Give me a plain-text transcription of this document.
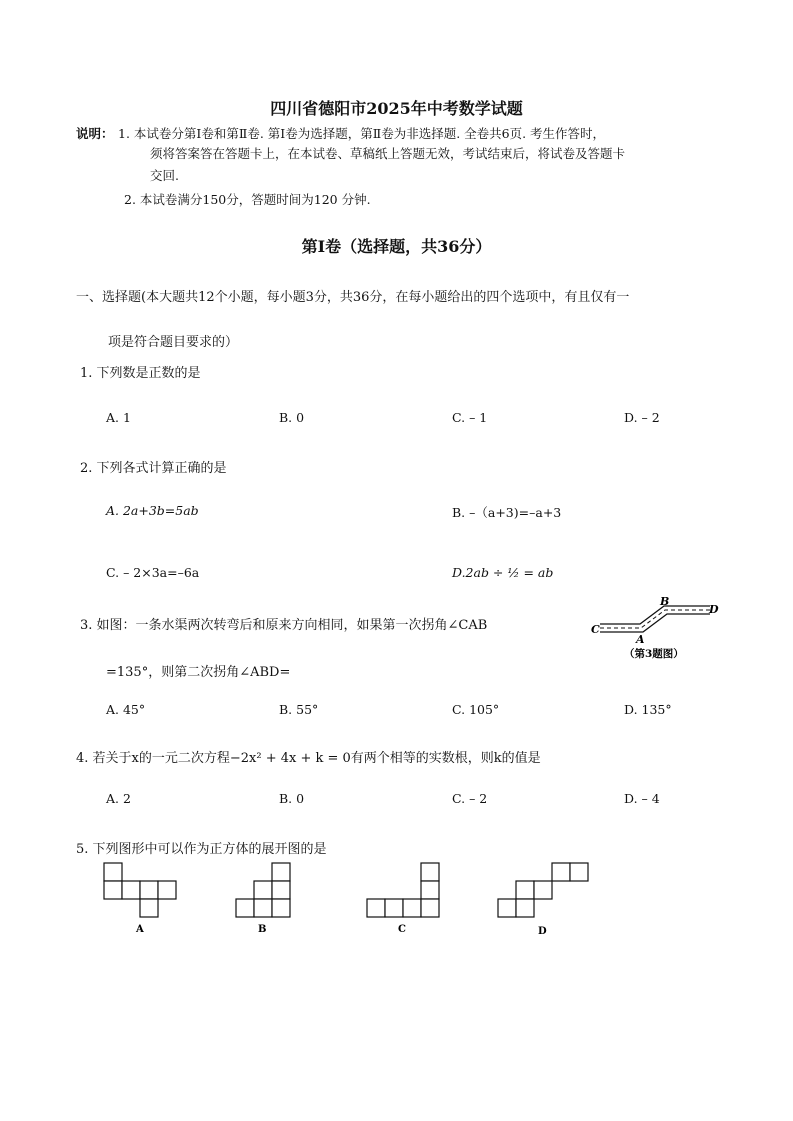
四川省德阳市2025年中考数学试题
说明： 1. 本试卷分第Ⅰ卷和第Ⅱ卷. 第Ⅰ卷为选择题，第Ⅱ卷为非选择题. 全卷共6页. 考生作答时，
须将答案答在答题卡上，在本试卷、草稿纸上答题无效，考试结束后，将试卷及答题卡
交回.
2. 本试卷满分150分，答题时间为120 分钟.
第Ⅰ卷（选择题，共36分）
一、选择题(本大题共12个小题，每小题3分，共36分，在每小题给出的四个选项中，有且仅有一
项是符合题目要求的）
1. 下列数是正数的是
A. 1	B. 0	C. – 1	D. – 2
2. 下列各式计算正确的是
A. 2a+3b=5ab	B. –（a+3)=–a+3
C. – 2×3a=–6a	D.2ab ÷ ½ = ab
3. 如图：一条水渠两次转弯后和原来方向相同，如果第一次拐角∠CAB
=135°，则第二次拐角∠ABD=
C
A
B
D
（第3题图）
A. 45°	B. 55°	C. 105°	D. 135°
4. 若关于x的一元二次方程−2x² + 4x + k = 0有两个相等的实数根，则k的值是
A. 2	B. 0	C. – 2	D. – 4
5. 下列图形中可以作为正方体的展开图的是
A	B	C	D
